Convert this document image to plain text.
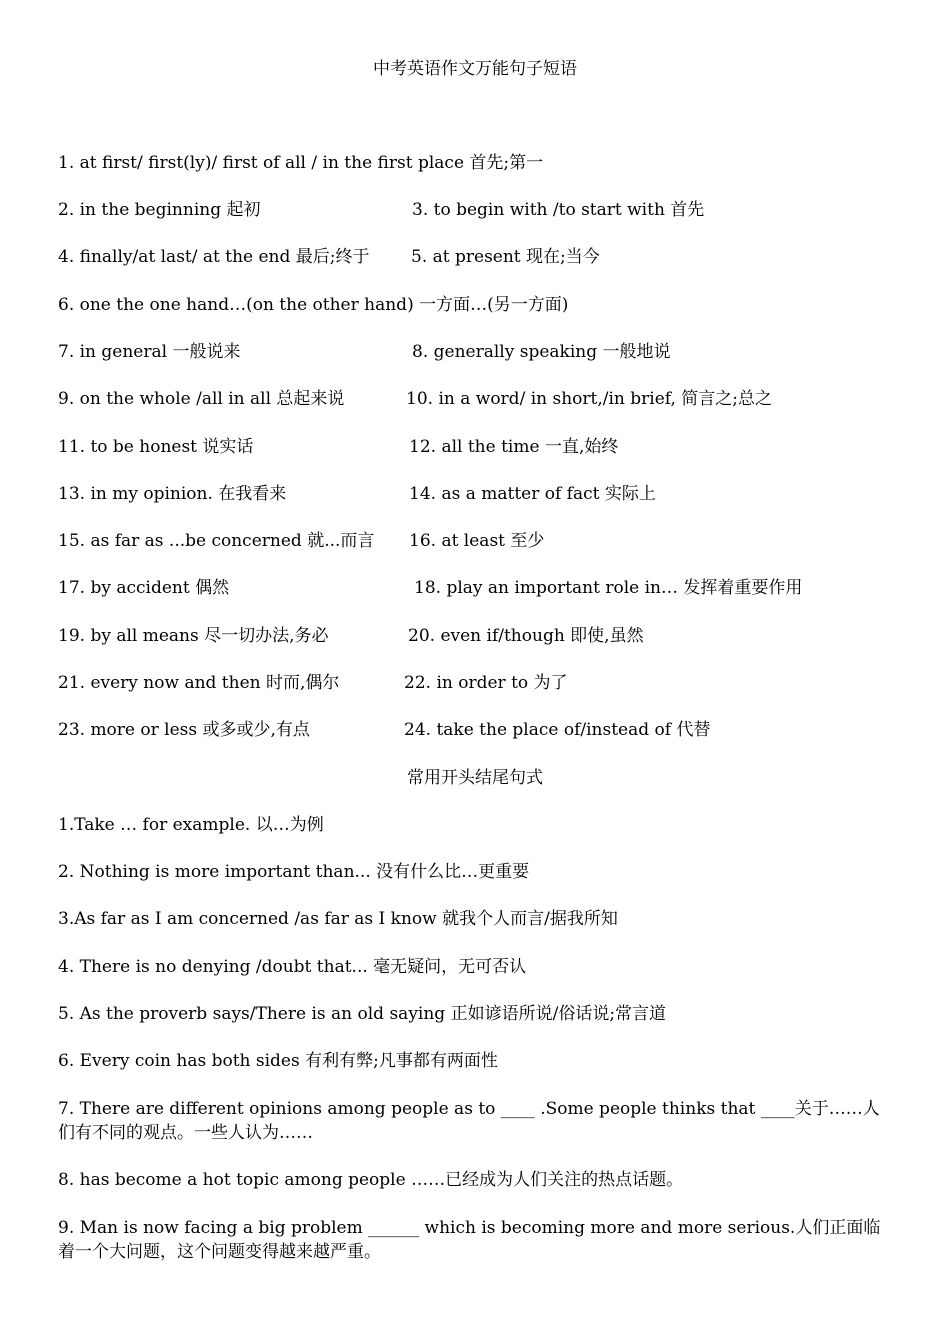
中考英语作文万能句子短语
1. at first/ first(ly)/ first of all / in the first place 首先;第一
2. in the beginning 起初	3. to begin with /to start with 首先
4. finally/at last/ at the end 最后;终于 5. at present 现在;当今
6. one the one hand…(on the other hand) 一方面…(另一方面)
7. in general 一般说来	8. generally speaking 一般地说
9. on the whole /all in all 总起来说	10. in a word/ in short,/in brief, 简言之;总之
11. to be honest 说实话	12. all the time 一直,始终
13. in my opinion. 在我看来	14. as a matter of fact 实际上
15. as far as ...be concerned 就...而言 16. at least 至少
17. by accident 偶然	18. play an important role in… 发挥着重要作用
19. by all means 尽一切办法,务必	20. even if/though 即使,虽然
21. every now and then 时而,偶尔	22. in order to 为了
23. more or less 或多或少,有点	24. take the place of/instead of 代替
常用开头结尾句式
1.Take … for example. 以…为例
2. Nothing is more important than... 没有什么比…更重要
3.As far as I am concerned /as far as I know 就我个人而言/据我所知
4. There is no denying /doubt that... 毫无疑问，无可否认
5. As the proverb says/There is an old saying 正如谚语所说/俗话说;常言道
6. Every coin has both sides 有利有弊;凡事都有两面性
7. There are different opinions among people as to ____ .Some people thinks that ____关于……人们有不同的观点。一些人认为……
8. has become a hot topic among people ……已经成为人们关注的热点话题。
9. Man is now facing a big problem ______ which is becoming more and more serious.人们正面临着一个大问题，这个问题变得越来越严重。
